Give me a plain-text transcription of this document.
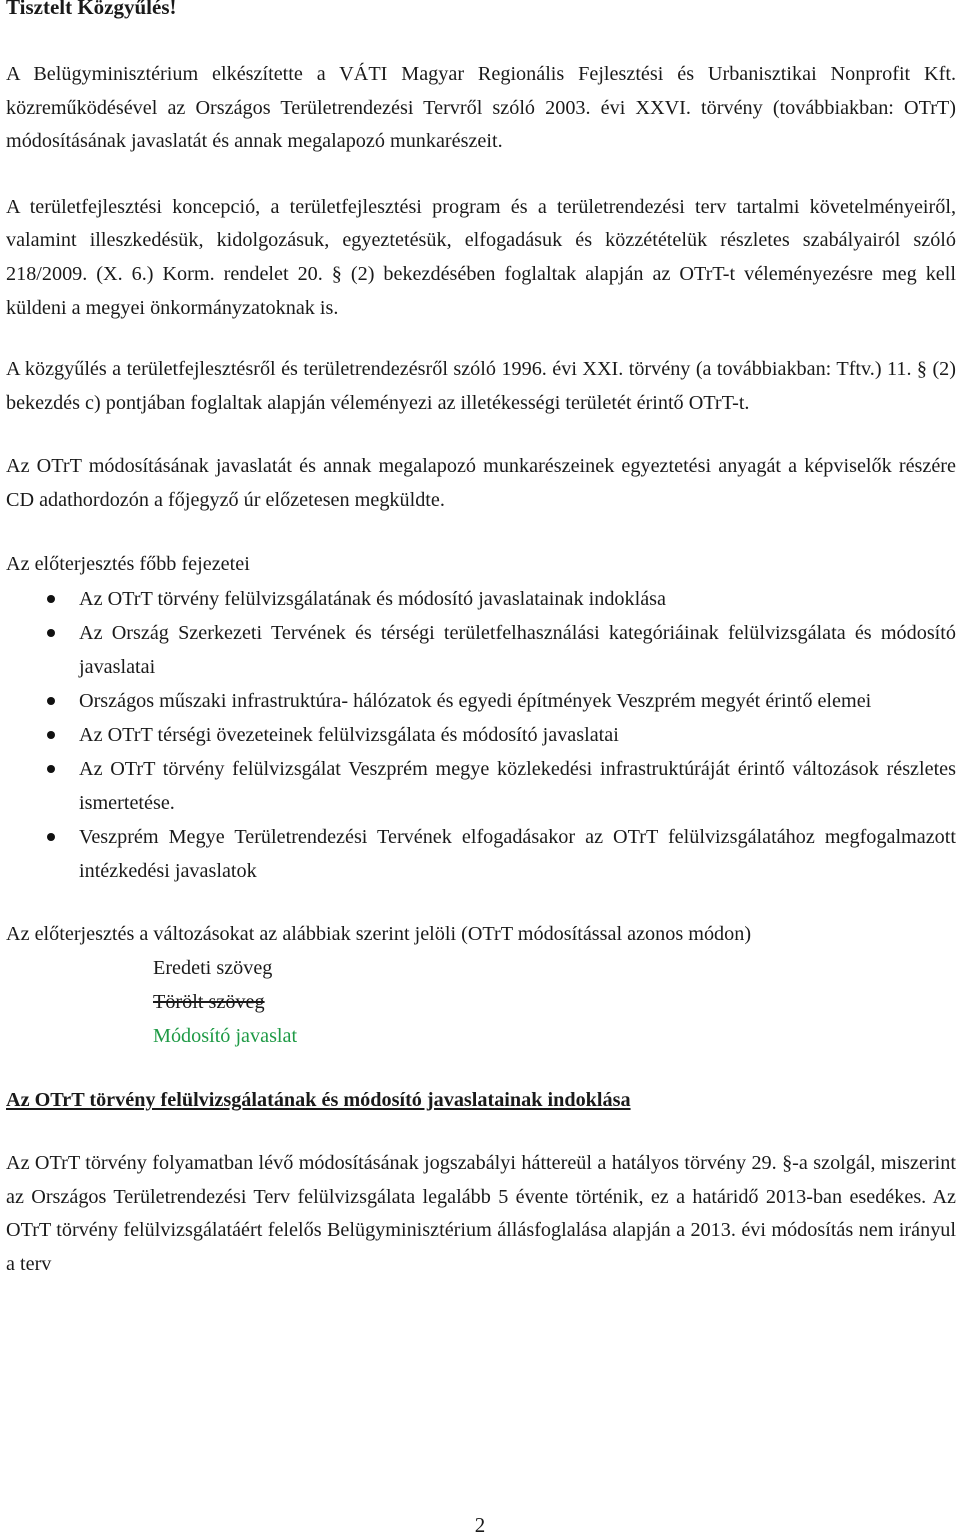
Tisztelt Közgyűlés!

A Belügyminisztérium elkészítette a VÁTI Magyar Regionális Fejlesztési és Urbanisztikai Nonprofit Kft. közreműködésével az Országos Területrendezési Tervről szóló 2003. évi XXVI. törvény (továbbiakban: OTrT) módosításának javaslatát és annak megalapozó munkarészeit.

A területfejlesztési koncepció, a területfejlesztési program és a területrendezési terv tartalmi követelményeiről, valamint illeszkedésük, kidolgozásuk, egyeztetésük, elfogadásuk és közzétételük részletes szabályairól szóló 218/2009. (X. 6.) Korm. rendelet 20. § (2) bekezdésében foglaltak alapján az OTrT-t véleményezésre meg kell küldeni a megyei önkormányzatoknak is.

A közgyűlés a területfejlesztésről és területrendezésről szóló 1996. évi XXI. törvény (a továbbiakban: Tftv.) 11. § (2) bekezdés c) pontjában foglaltak alapján véleményezi az illetékességi területét érintő OTrT-t.

Az OTrT módosításának javaslatát és annak megalapozó munkarészeinek egyeztetési anyagát a képviselők részére CD adathordozón a főjegyző úr előzetesen megküldte.

Az előterjesztés főbb fejezetei

Az OTrT törvény felülvizsgálatának és módosító javaslatainak indoklása
Az Ország Szerkezeti Tervének és térségi területfelhasználási kategóriáinak felülvizsgálata és módosító javaslatai
Országos műszaki infrastruktúra- hálózatok és egyedi építmények Veszprém megyét érintő elemei
Az OTrT térségi övezeteinek felülvizsgálata és módosító javaslatai
Az OTrT törvény felülvizsgálat Veszprém megye közlekedési infrastruktúráját érintő változások részletes ismertetése.
Veszprém Megye Területrendezési Tervének elfogadásakor az OTrT felülvizsgálatához megfogalmazott intézkedési javaslatok

Az előterjesztés a változásokat az alábbiak szerint jelöli (OTrT módosítással azonos módon)

Eredeti szöveg

Törölt szöveg

Módosító javaslat

Az OTrT törvény felülvizsgálatának és módosító javaslatainak indoklása

Az OTrT törvény folyamatban lévő módosításának jogszabályi háttereül a hatályos törvény 29. §-a szolgál, miszerint az Országos Területrendezési Terv felülvizsgálata legalább 5 évente történik, ez a határidő 2013-ban esedékes. Az OTrT törvény felülvizsgálatáért felelős Belügyminisztérium állásfoglalása alapján a 2013. évi módosítás nem irányul a terv

2
